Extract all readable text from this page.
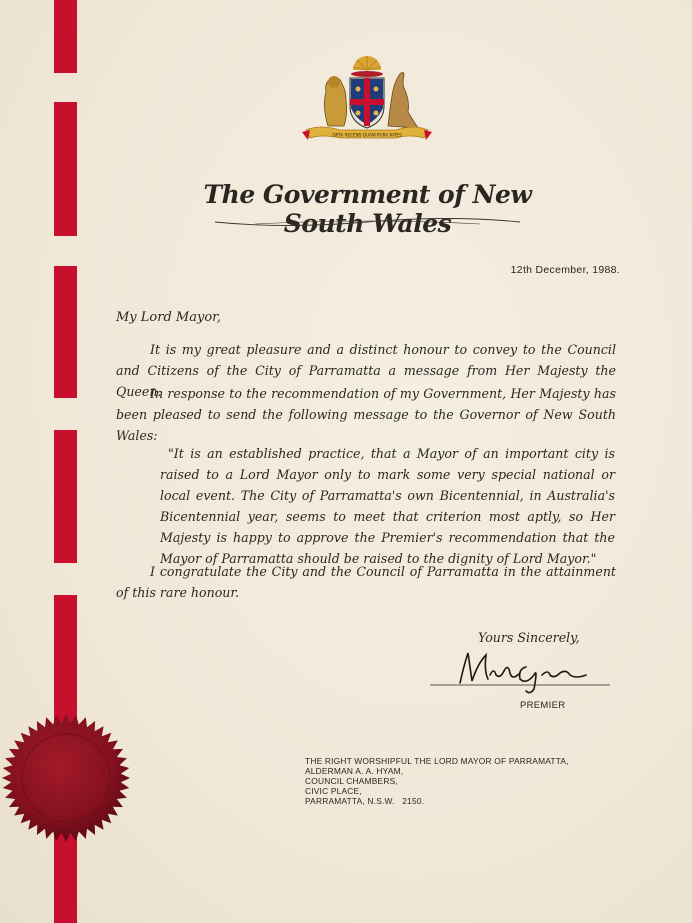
ORTA RECENS QUAM PURA NITES
The Government of New South Wales
12th December, 1988.
My Lord Mayor,
It is my great pleasure and a distinct honour to convey to the Council and Citizens of the City of Parramatta a message from Her Majesty the Queen.
In response to the recommendation of my Government, Her Majesty has been pleased to send the following message to the Governor of New South Wales:
"It is an established practice, that a Mayor of an important city is raised to a Lord Mayor only to mark some very special national or local event. The City of Parramatta's own Bicentennial, in Australia's Bicentennial year, seems to meet that criterion most aptly, so Her Majesty is happy to approve the Premier's recommendation that the Mayor of Parramatta should be raised to the dignity of Lord Mayor."
I congratulate the City and the Council of Parramatta in the attainment of this rare honour.
Yours Sincerely,
PREMIER
THE RIGHT WORSHIPFUL THE LORD MAYOR OF PARRAMATTA,
ALDERMAN A. A. HYAM,
COUNCIL CHAMBERS,
CIVIC PLACE,
PARRAMATTA, N.S.W.   2150.
